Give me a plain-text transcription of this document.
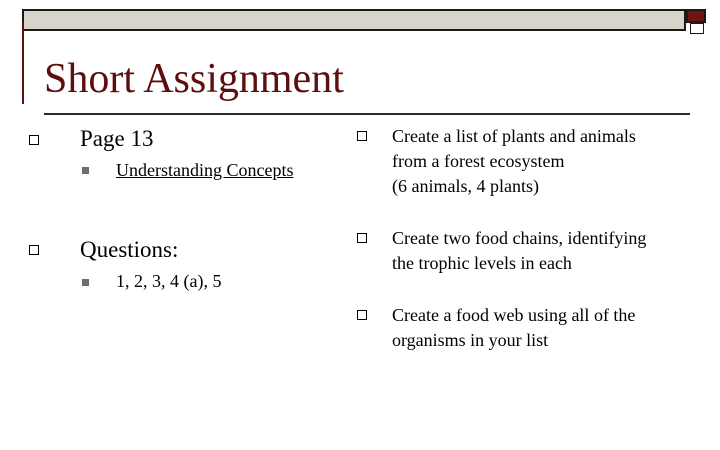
Short Assignment
Page 13
Understanding Concepts
Questions:
1, 2, 3, 4 (a), 5
Create a list of plants and animals
from a forest ecosystem
(6 animals, 4 plants)
Create two food chains, identifying
the trophic levels in each
Create a food web using all of the
organisms in your list
